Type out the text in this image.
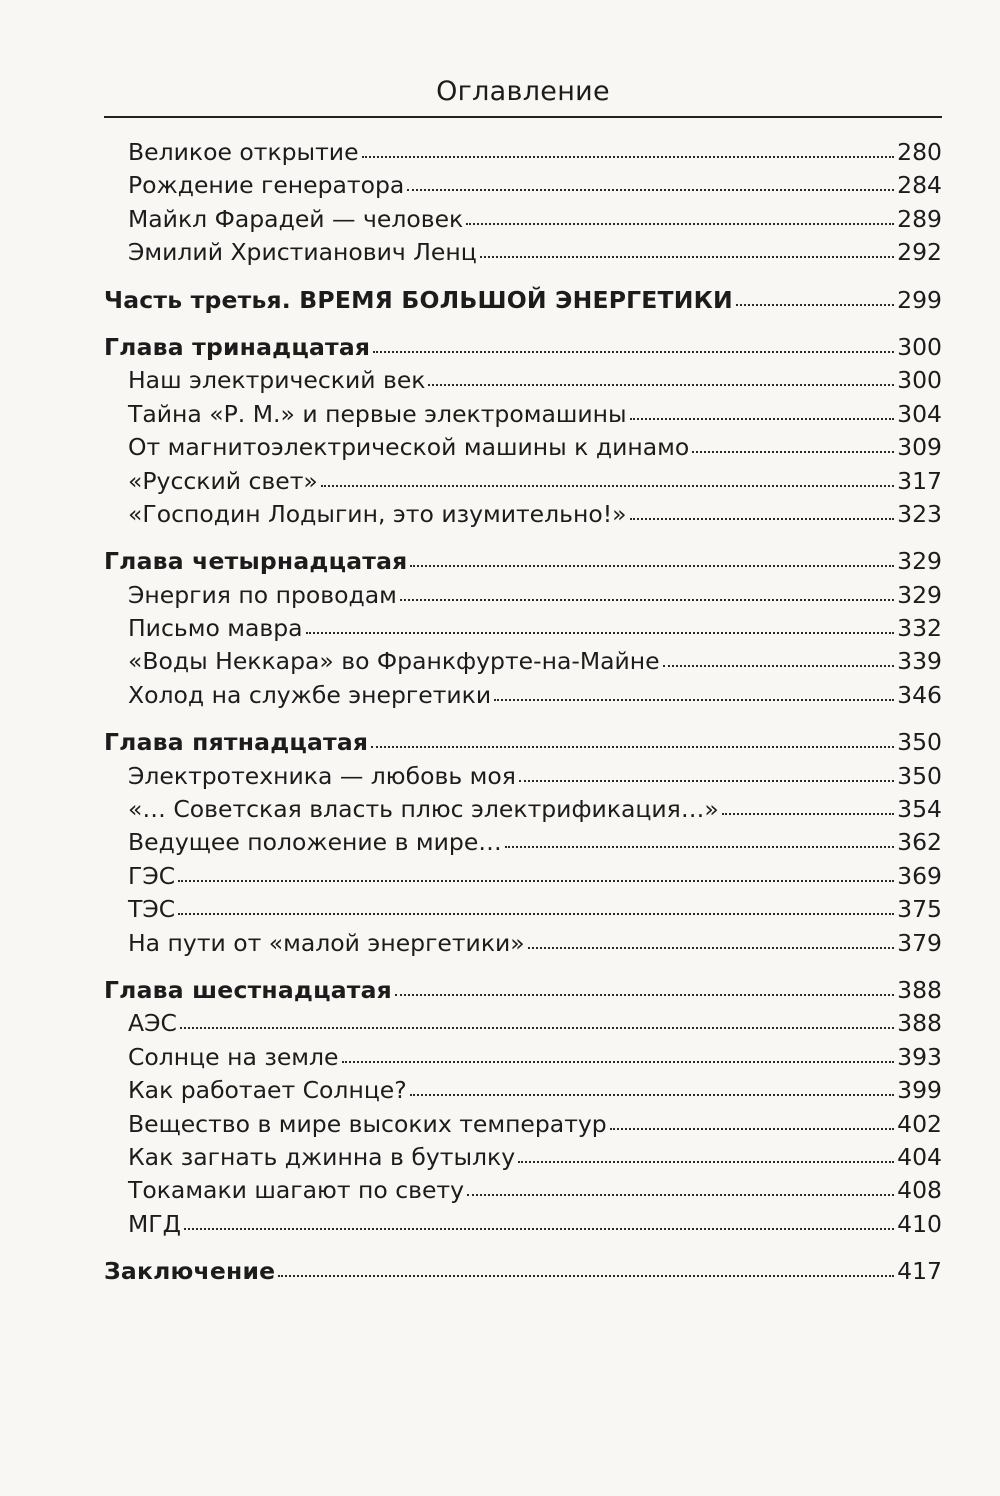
Оглавление
Великое открытие	280
Рождение генератора	284
Майкл Фарадей — человек	289
Эмилий Христианович Ленц	292
Часть третья. ВРЕМЯ БОЛЬШОЙ ЭНЕРГЕТИКИ	299
Глава тринадцатая	300
Наш электрический век	300
Тайна «Р. М.» и первые электромашины	304
От магнитоэлектрической машины к динамо	309
«Русский свет»	317
«Господин Лодыгин, это изумительно!»	323
Глава четырнадцатая	329
Энергия по проводам	329
Письмо мавра	332
«Воды Неккара» во Франкфурте-на-Майне	339
Холод на службе энергетики	346
Глава пятнадцатая	350
Электротехника — любовь моя	350
«… Советская власть плюс электрификация…»	354
Ведущее положение в мире…	362
ГЭС	369
ТЭС	375
На пути от «малой энергетики»	379
Глава шестнадцатая	388
АЭС	388
Солнце на земле	393
Как работает Солнце?	399
Вещество в мире высоких температур	402
Как загнать джинна в бутылку	404
Токамаки шагают по свету	408
МГД	410
Заключение	417
